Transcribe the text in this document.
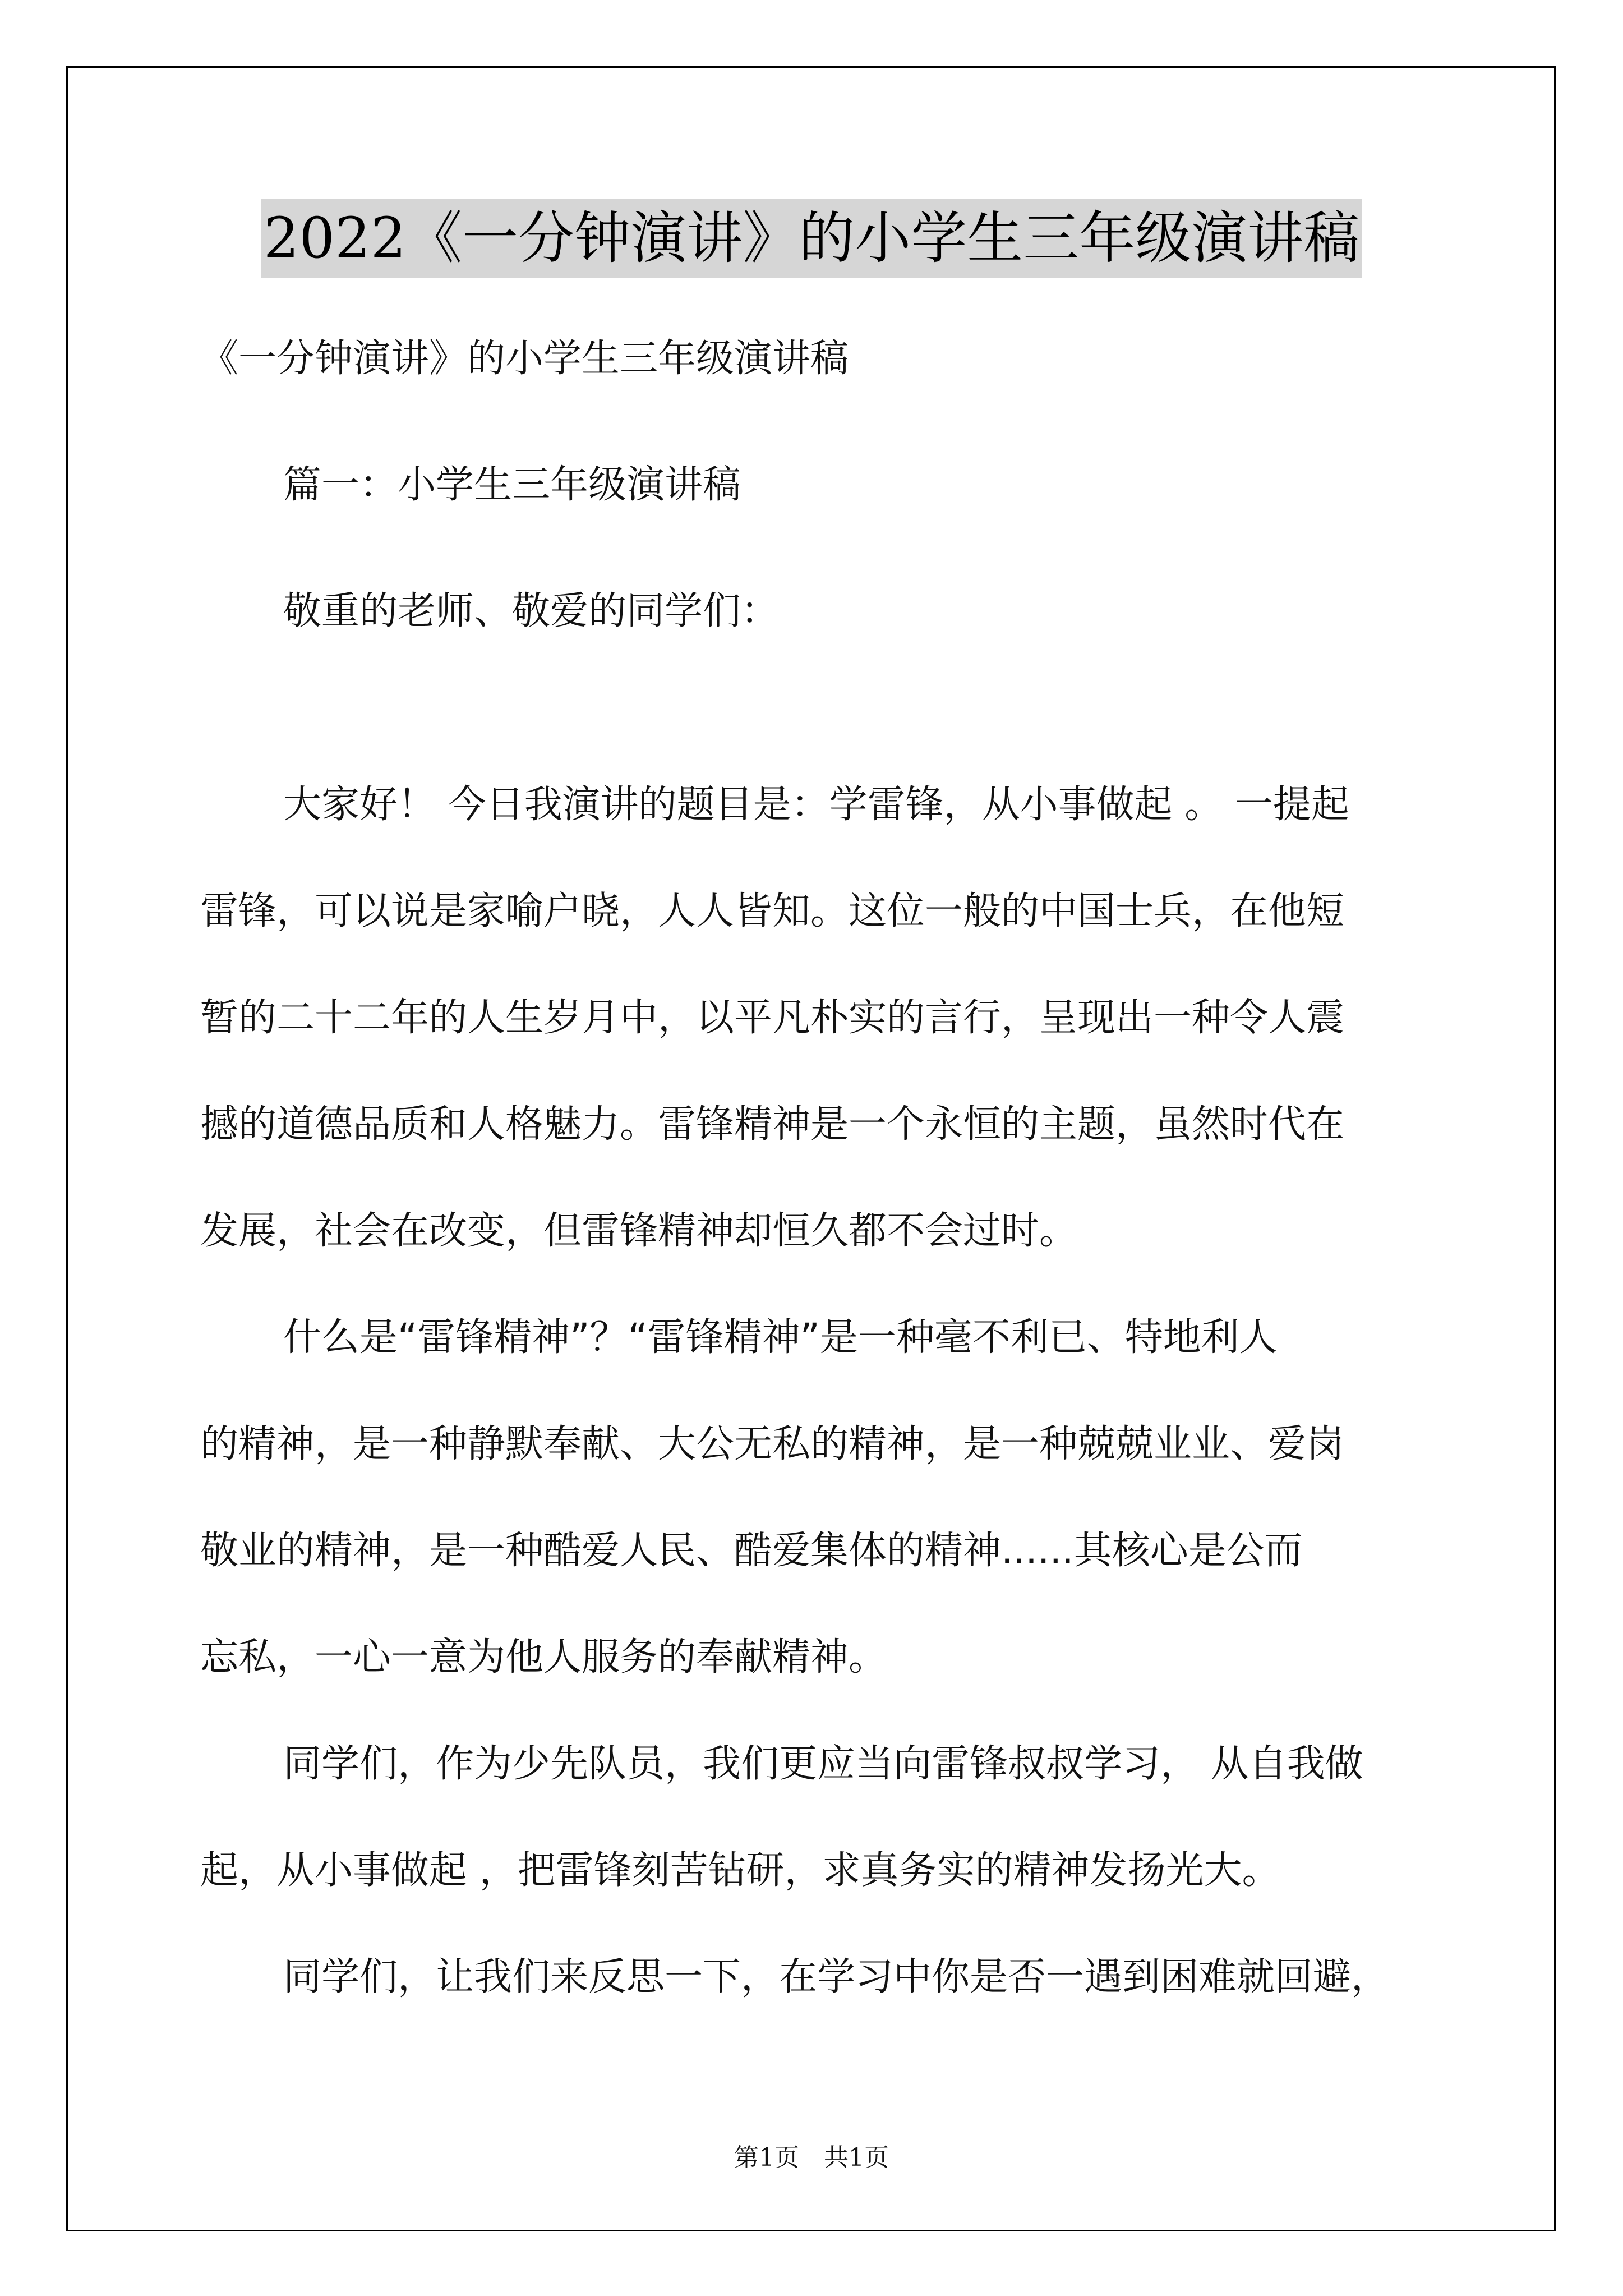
2022《一分钟演讲》的小学生三年级演讲稿
《一分钟演讲》的小学生三年级演讲稿
篇一：小学生三年级演讲稿
敬重的老师、敬爱的同学们：
大家好！ 今日我演讲的题目是：学雷锋，从小事做起 。 一提起
雷锋，可以说是家喻户晓，人人皆知。这位一般的中国士兵，在他短
暂的二十二年的人生岁月中，以平凡朴实的言行，呈现出一种令人震
撼的道德品质和人格魅力。雷锋精神是一个永恒的主题，虽然时代在
发展，社会在改变，但雷锋精神却恒久都不会过时。
什么是“雷锋精神”？“雷锋精神”是一种毫不利已、特地利人
的精神，是一种静默奉献、大公无私的精神，是一种兢兢业业、爱岗
敬业的精神，是一种酷爱人民、酷爱集体的精神......其核心是公而
忘私，一心一意为他人服务的奉献精神。
同学们，作为少先队员，我们更应当向雷锋叔叔学习， 从自我做
起，从小事做起 ，把雷锋刻苦钻研，求真务实的精神发扬光大。
同学们，让我们来反思一下，在学习中你是否一遇到困难就回避，
第1页　共1页
